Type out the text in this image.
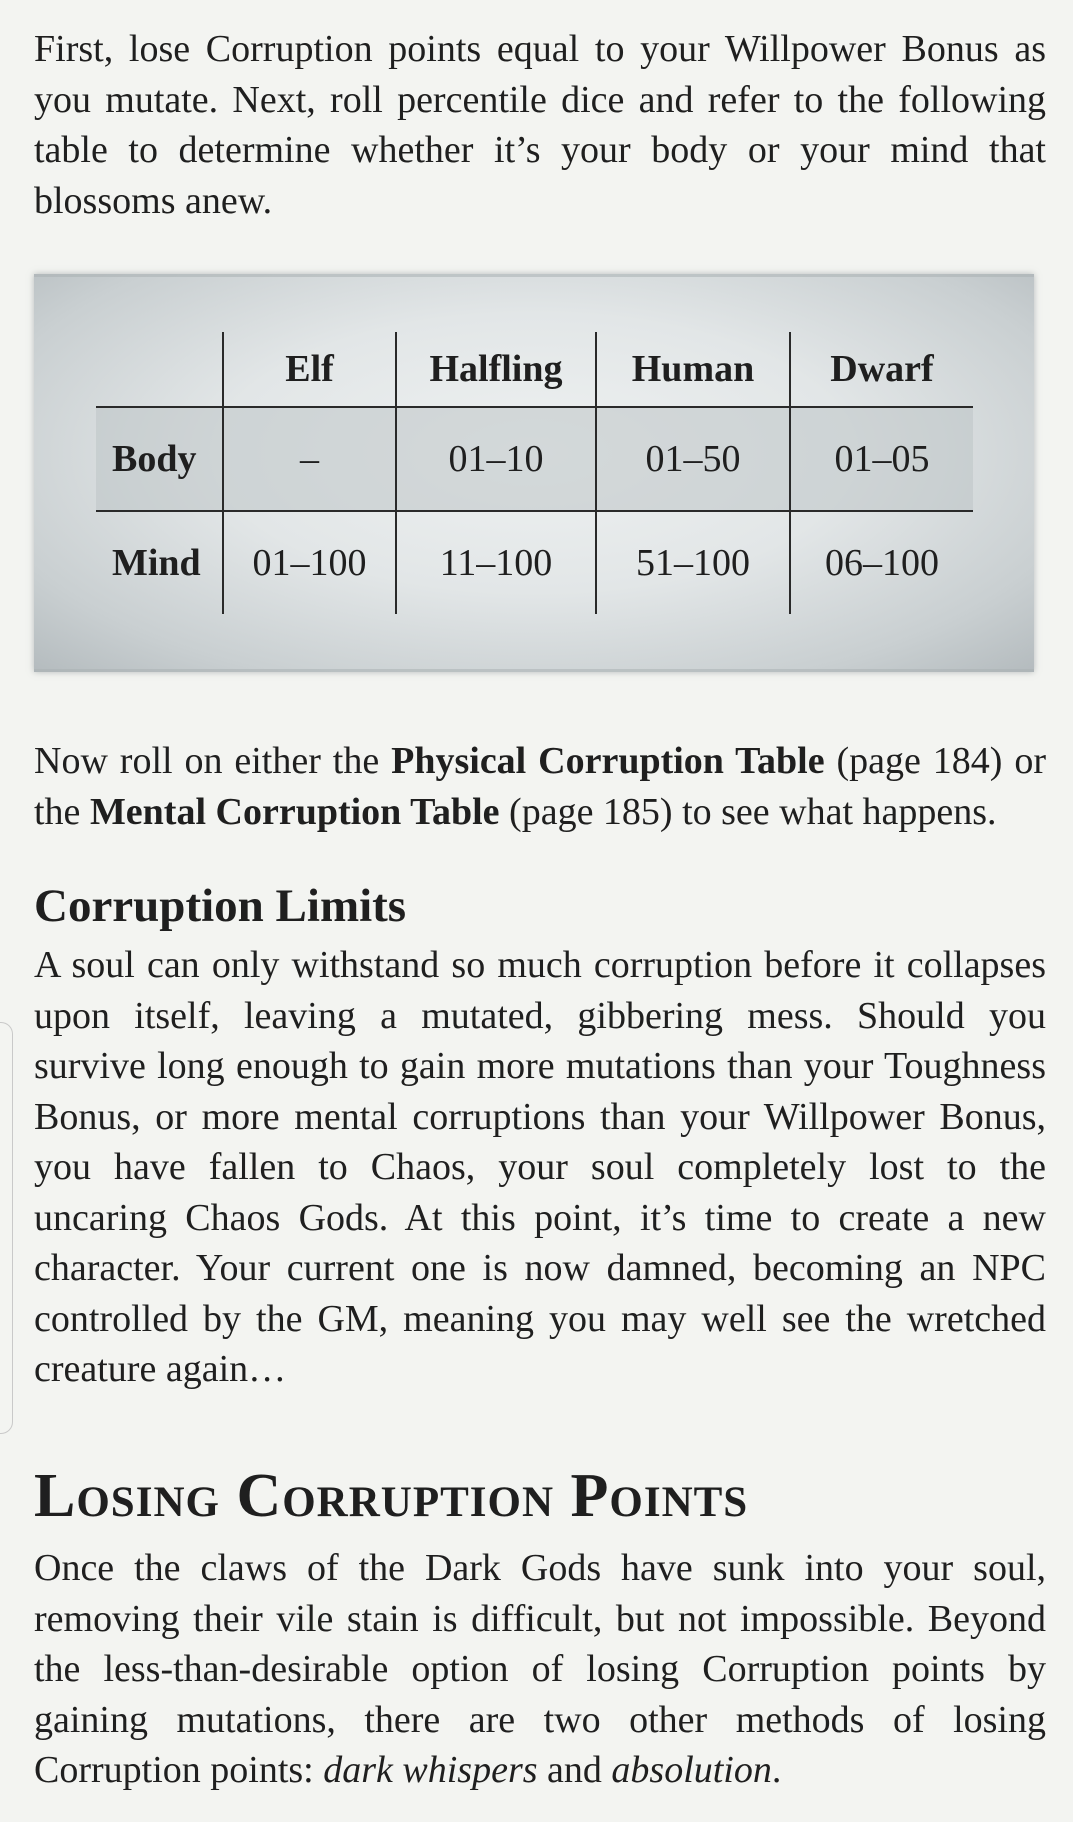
First, lose Corruption points equal to your Willpower Bonus as you mutate. Next, roll percentile dice and refer to the following table to determine whether it’s your body or your mind that blossoms anew.

	Elf	Halfling	Human	Dwarf
Body	–	01–10	01–50	01–05
Mind	01–100	11–100	51–100	06–100

Now roll on either the Physical Corruption Table (page 184) or the Mental Corruption Table (page 185) to see what happens.

Corruption Limits

A soul can only withstand so much corruption before it collapses upon itself, leaving a mutated, gibbering mess. Should you survive long enough to gain more mutations than your Toughness Bonus, or more mental corruptions than your Willpower Bonus, you have fallen to Chaos, your soul completely lost to the uncaring Chaos Gods. At this point, it’s time to create a new character. Your current one is now damned, becoming an NPC controlled by the GM, meaning you may well see the wretched creature again…

Losing Corruption Points

Once the claws of the Dark Gods have sunk into your soul, removing their vile stain is difficult, but not impossible. Beyond the less-than-desirable option of losing Corruption points by gaining mutations, there are two other methods of losing Corruption points: dark whispers and absolution.
